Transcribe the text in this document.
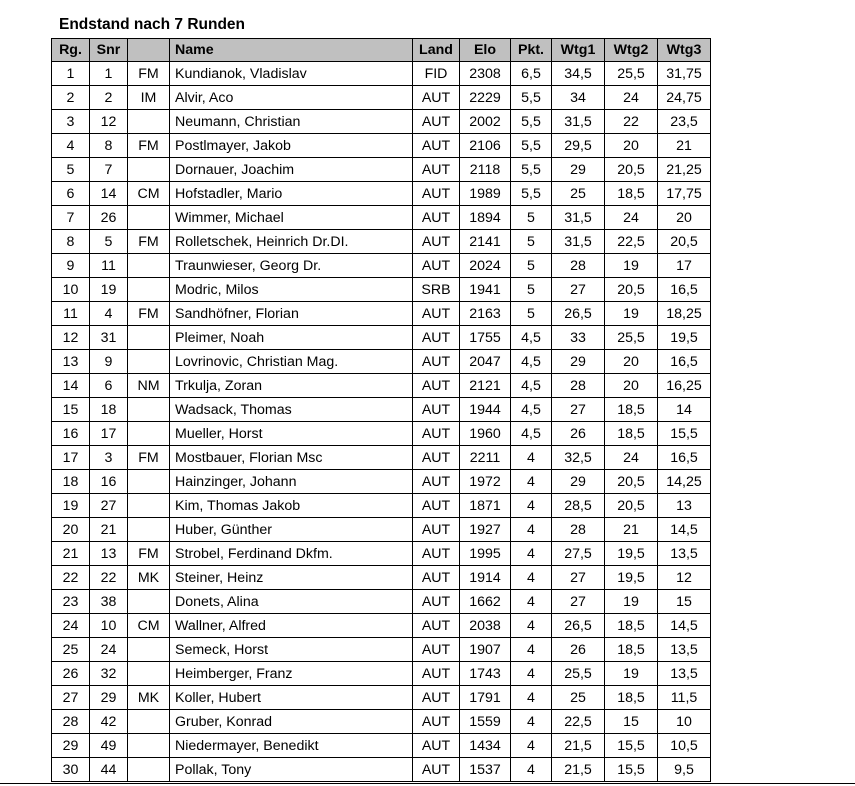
Endstand nach 7 Runden
Rg.	Snr		Name	Land	Elo	Pkt.	Wtg1	Wtg2	Wtg3
1	1	FM	Kundianok, Vladislav	FID	2308	6,5	34,5	25,5	31,75
2	2	IM	Alvir, Aco	AUT	2229	5,5	34	24	24,75
3	12		Neumann, Christian	AUT	2002	5,5	31,5	22	23,5
4	8	FM	Postlmayer, Jakob	AUT	2106	5,5	29,5	20	21
5	7		Dornauer, Joachim	AUT	2118	5,5	29	20,5	21,25
6	14	CM	Hofstadler, Mario	AUT	1989	5,5	25	18,5	17,75
7	26		Wimmer, Michael	AUT	1894	5	31,5	24	20
8	5	FM	Rolletschek, Heinrich Dr.DI.	AUT	2141	5	31,5	22,5	20,5
9	11		Traunwieser, Georg Dr.	AUT	2024	5	28	19	17
10	19		Modric, Milos	SRB	1941	5	27	20,5	16,5
11	4	FM	Sandhöfner, Florian	AUT	2163	5	26,5	19	18,25
12	31		Pleimer, Noah	AUT	1755	4,5	33	25,5	19,5
13	9		Lovrinovic, Christian Mag.	AUT	2047	4,5	29	20	16,5
14	6	NM	Trkulja, Zoran	AUT	2121	4,5	28	20	16,25
15	18		Wadsack, Thomas	AUT	1944	4,5	27	18,5	14
16	17		Mueller, Horst	AUT	1960	4,5	26	18,5	15,5
17	3	FM	Mostbauer, Florian Msc	AUT	2211	4	32,5	24	16,5
18	16		Hainzinger, Johann	AUT	1972	4	29	20,5	14,25
19	27		Kim, Thomas Jakob	AUT	1871	4	28,5	20,5	13
20	21		Huber, Günther	AUT	1927	4	28	21	14,5
21	13	FM	Strobel, Ferdinand Dkfm.	AUT	1995	4	27,5	19,5	13,5
22	22	MK	Steiner, Heinz	AUT	1914	4	27	19,5	12
23	38		Donets, Alina	AUT	1662	4	27	19	15
24	10	CM	Wallner, Alfred	AUT	2038	4	26,5	18,5	14,5
25	24		Semeck, Horst	AUT	1907	4	26	18,5	13,5
26	32		Heimberger, Franz	AUT	1743	4	25,5	19	13,5
27	29	MK	Koller, Hubert	AUT	1791	4	25	18,5	11,5
28	42		Gruber, Konrad	AUT	1559	4	22,5	15	10
29	49		Niedermayer, Benedikt	AUT	1434	4	21,5	15,5	10,5
30	44		Pollak, Tony	AUT	1537	4	21,5	15,5	9,5
